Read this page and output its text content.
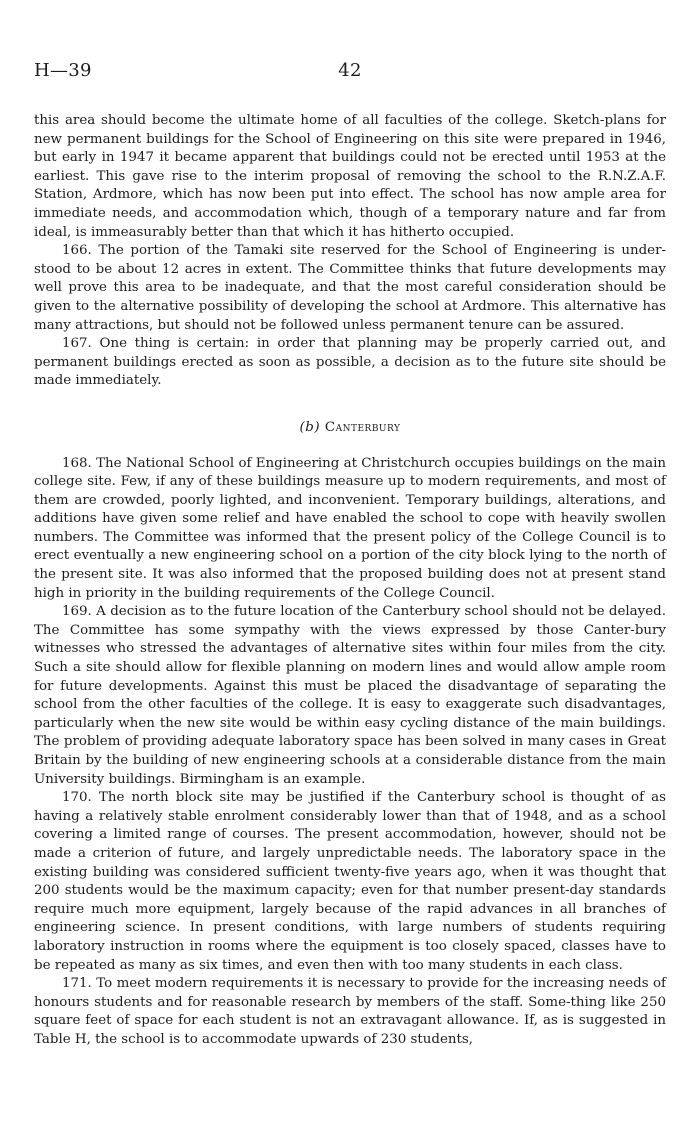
H—39	42

this area should become the ultimate home of all faculties of the college. Sketch-plans for new permanent buildings for the School of Engineering on this site were prepared in 1946, but early in 1947 it became apparent that buildings could not be erected until 1953 at the earliest. This gave rise to the interim proposal of removing the school to the R.N.Z.A.F. Station, Ardmore, which has now been put into effect. The school has now ample area for immediate needs, and accommodation which, though of a temporary nature and far from ideal, is immeasurably better than that which it has hitherto occupied.

166. The portion of the Tamaki site reserved for the School of Engineering is under-stood to be about 12 acres in extent. The Committee thinks that future developments may well prove this area to be inadequate, and that the most careful consideration should be given to the alternative possibility of developing the school at Ardmore. This alternative has many attractions, but should not be followed unless permanent tenure can be assured.

167. One thing is certain: in order that planning may be properly carried out, and permanent buildings erected as soon as possible, a decision as to the future site should be made immediately.

(b) Canterbury

168. The National School of Engineering at Christchurch occupies buildings on the main college site. Few, if any of these buildings measure up to modern requirements, and most of them are crowded, poorly lighted, and inconvenient. Temporary buildings, alterations, and additions have given some relief and have enabled the school to cope with heavily swollen numbers. The Committee was informed that the present policy of the College Council is to erect eventually a new engineering school on a portion of the city block lying to the north of the present site. It was also informed that the proposed building does not at present stand high in priority in the building requirements of the College Council.

169. A decision as to the future location of the Canterbury school should not be delayed. The Committee has some sympathy with the views expressed by those Canter-bury witnesses who stressed the advantages of alternative sites within four miles from the city. Such a site should allow for flexible planning on modern lines and would allow ample room for future developments. Against this must be placed the disadvantage of separating the school from the other faculties of the college. It is easy to exaggerate such disadvantages, particularly when the new site would be within easy cycling distance of the main buildings. The problem of providing adequate laboratory space has been solved in many cases in Great Britain by the building of new engineering schools at a considerable distance from the main University buildings. Birmingham is an example.

170. The north block site may be justified if the Canterbury school is thought of as having a relatively stable enrolment considerably lower than that of 1948, and as a school covering a limited range of courses. The present accommodation, however, should not be made a criterion of future, and largely unpredictable needs. The laboratory space in the existing building was considered sufficient twenty-five years ago, when it was thought that 200 students would be the maximum capacity; even for that number present-day standards require much more equipment, largely because of the rapid advances in all branches of engineering science. In present conditions, with large numbers of students requiring laboratory instruction in rooms where the equipment is too closely spaced, classes have to be repeated as many as six times, and even then with too many students in each class.

171. To meet modern requirements it is necessary to provide for the increasing needs of honours students and for reasonable research by members of the staff. Some-thing like 250 square feet of space for each student is not an extravagant allowance. If, as is suggested in Table H, the school is to accommodate upwards of 230 students,
